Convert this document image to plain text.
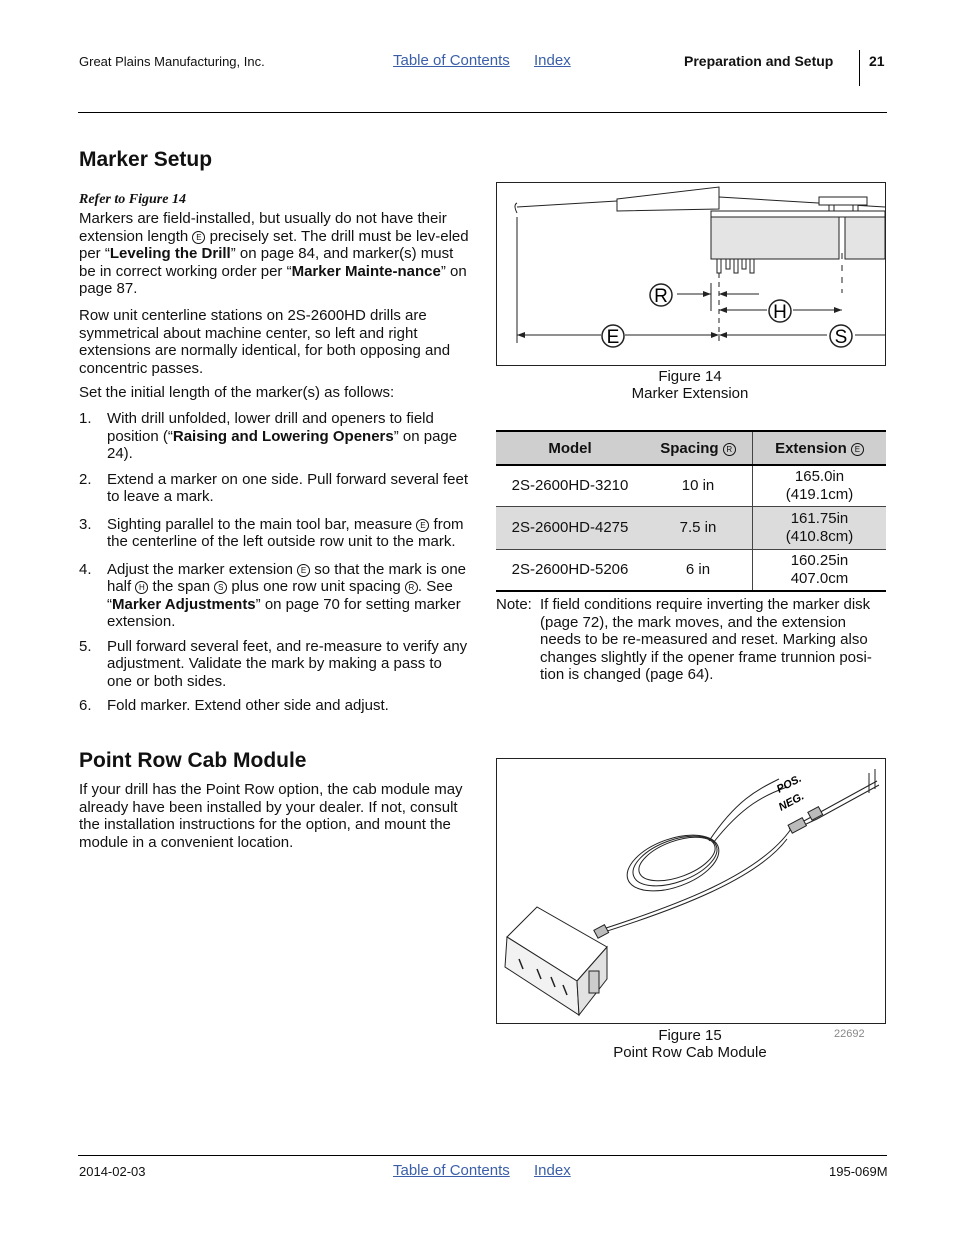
Great Plains Manufacturing, Inc.	Table of Contents Index	Preparation and Setup	21
Marker Setup
Refer to Figure 14

Markers are field-installed, but usually do not have their extension length E precisely set. The drill must be lev-eled per “Leveling the Drill” on page 84, and marker(s) must be in correct working order per “Marker Mainte-nance” on page 87.

Row unit centerline stations on 2S-2600HD drills are symmetrical about machine center, so left and right extensions are normally identical, for both opposing and concentric passes.

Set the initial length of the marker(s) as follows:

1. With drill unfolded, lower drill and openers to field position (“Raising and Lowering Openers” on page 24).
2. Extend a marker on one side. Pull forward several feet to leave a mark.
3. Sighting parallel to the main tool bar, measure E from the centerline of the left outside row unit to the mark.
4. Adjust the marker extension E so that the mark is one half H the span S plus one row unit spacing R . See “Marker Adjustments” on page 70 for setting marker extension.
5. Pull forward several feet, and re-measure to verify any adjustment. Validate the mark by making a pass to one or both sides.
6. Fold marker. Extend other side and adjust.
R
H
E	S
Figure 14
Marker Extension
Model	Spacing R	Extension E
2S-2600HD-3210	10 in	165.0in
(419.1cm)

2S-2600HD-4275	7.5 in	161.75in
(410.8cm)

2S-2600HD-5206	6 in	160.25in
407.0cm
Note: If field conditions require inverting the marker disk (page 72), the mark moves, and the extension needs to be re-measured and reset. Marking also changes slightly if the opener frame trunnion posi-tion is changed (page 64).
Point Row Cab Module

If your drill has the Point Row option, the cab module may already have been installed by your dealer. If not, consult the installation instructions for the option, and mount the module in a convenient location.

POS.
NEG.
Figure 15
Point Row Cab Module
22692
2014-02-03	Table of Contents Index	195-069M
